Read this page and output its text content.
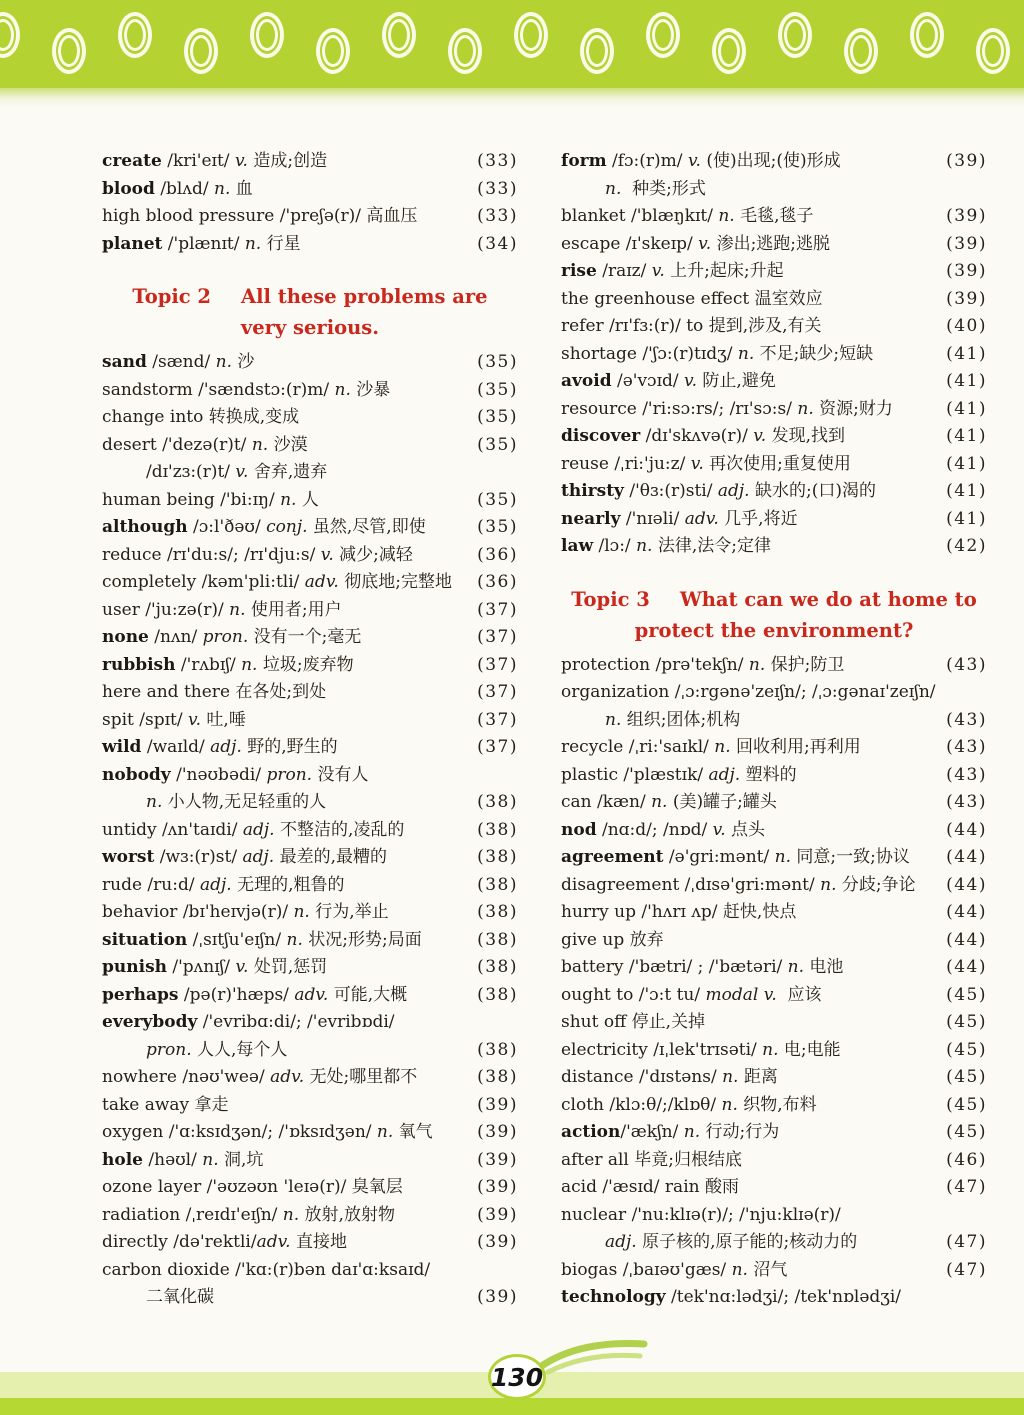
create /kri'eɪt/ v. 造成;创造	(33)
blood /blʌd/ n. 血	(33)
high blood pressure /'preʃə(r)/ 高血压	(33)
planet /'plænɪt/ n. 行星	(34)
Topic 2 All these problems are
very serious.
sand /sænd/ n. 沙	(35)
sandstorm /'sændstɔ:(r)m/ n. 沙暴	(35)
change into 转换成,变成	(35)
desert /'dezə(r)t/ n. 沙漠	(35)
/dɪ'zɜ:(r)t/ v. 舍弃,遗弃
human being /'bi:ɪŋ/ n. 人	(35)
although /ɔ:l'ðəʊ/ conj. 虽然,尽管,即使	(35)
reduce /rɪ'du:s/; /rɪ'dju:s/ v. 减少;减轻	(36)
completely /kəm'pli:tli/ adv. 彻底地;完整地 (36)
user /'ju:zə(r)/ n. 使用者;用户	(37)
none /nʌn/ pron. 没有一个;毫无	(37)
rubbish /'rʌbɪʃ/ n. 垃圾;废弃物	(37)
here and there 在各处;到处	(37)
spit /spɪt/ v. 吐,唾	(37)
wild /waɪld/ adj. 野的,野生的	(37)
nobody /'nəʊbədi/ pron. 没有人
n. 小人物,无足轻重的人	(38)
untidy /ʌn'taɪdi/ adj. 不整洁的,凌乱的	(38)
worst /wɜ:(r)st/ adj. 最差的,最糟的	(38)
rude /ru:d/ adj. 无理的,粗鲁的	(38)
behavior /bɪ'heɪvjə(r)/ n. 行为,举止	(38)
situation /ˌsɪtʃu'eɪʃn/ n. 状况;形势;局面	(38)
punish /'pʌnɪʃ/ v. 处罚,惩罚	(38)
perhaps /pə(r)'hæps/ adv. 可能,大概	(38)
everybody /'evribɑ:di/; /'evribɒdi/
pron. 人人,每个人	(38)
nowhere /nəʊ'weə/ adv. 无处;哪里都不	(38)
take away 拿走	(39)
oxygen /'ɑ:ksɪdʒən/; /'ɒksɪdʒən/ n. 氧气	(39)
hole /həʊl/ n. 洞,坑	(39)
ozone layer /'əʊzəʊn 'leɪə(r)/ 臭氧层	(39)
radiation /ˌreɪdɪ'eɪʃn/ n. 放射,放射物	(39)
directly /də'rektli/adv. 直接地	(39)
carbon dioxide /'kɑ:(r)bən daɪ'ɑ:ksaɪd/
二氧化碳	(39)
form /fɔ:(r)m/ v. (使)出现;(使)形成	(39)
n.  种类;形式
blanket /'blæŋkɪt/ n. 毛毯,毯子	(39)
escape /ɪ'skeɪp/ v. 渗出;逃跑;逃脱	(39)
rise /raɪz/ v. 上升;起床;升起	(39)
the greenhouse effect 温室效应	(39)
refer /rɪ'fɜ:(r)/ to 提到,涉及,有关	(40)
shortage /'ʃɔ:(r)tɪdʒ/ n. 不足;缺少;短缺	(41)
avoid /ə'vɔɪd/ v. 防止,避免	(41)
resource /'ri:sɔ:rs/; /rɪ'sɔ:s/ n. 资源;财力	(41)
discover /dɪ'skʌvə(r)/ v. 发现,找到	(41)
reuse /ˌri:'ju:z/ v. 再次使用;重复使用	(41)
thirsty /'θɜ:(r)sti/ adj. 缺水的;(口)渴的	(41)
nearly /'nɪəli/ adv. 几乎,将近	(41)
law /lɔ:/ n. 法律,法令;定律	(42)
Topic 3 What can we do at home to
protect the environment?
protection /prə'tekʃn/ n. 保护;防卫	(43)
organization /ˌɔ:rgənə'zeɪʃn/; /ˌɔ:gənaɪ'zeɪʃn/
n. 组织;团体;机构	(43)
recycle /ˌri:'saɪkl/ n. 回收利用;再利用	(43)
plastic /'plæstɪk/ adj. 塑料的	(43)
can /kæn/ n. (美)罐子;罐头	(43)
nod /nɑ:d/; /nɒd/ v. 点头	(44)
agreement /ə'gri:mənt/ n. 同意;一致;协议 (44)
disagreement /ˌdɪsə'gri:mənt/ n. 分歧;争论 (44)
hurry up /'hʌrɪ ʌp/ 赶快,快点	(44)
give up 放弃	(44)
battery /'bætri/ ; /'bætəri/ n. 电池	(44)
ought to /'ɔ:t tu/ modal v.  应该	(45)
shut off 停止,关掉	(45)
electricity /ɪˌlek'trɪsəti/ n. 电;电能	(45)
distance /'dɪstəns/ n. 距离	(45)
cloth /klɔ:θ/;/klɒθ/ n. 织物,布料	(45)
action/'ækʃn/ n. 行动;行为	(45)
after all 毕竟;归根结底	(46)
acid /'æsɪd/ rain 酸雨	(47)
nuclear /'nu:klɪə(r)/; /'nju:klɪə(r)/
adj. 原子核的,原子能的;核动力的	(47)
biogas /ˌbaɪəʊ'gæs/ n. 沼气	(47)
technology /tek'nɑ:lədʒi/; /tek'nɒlədʒi/
130
